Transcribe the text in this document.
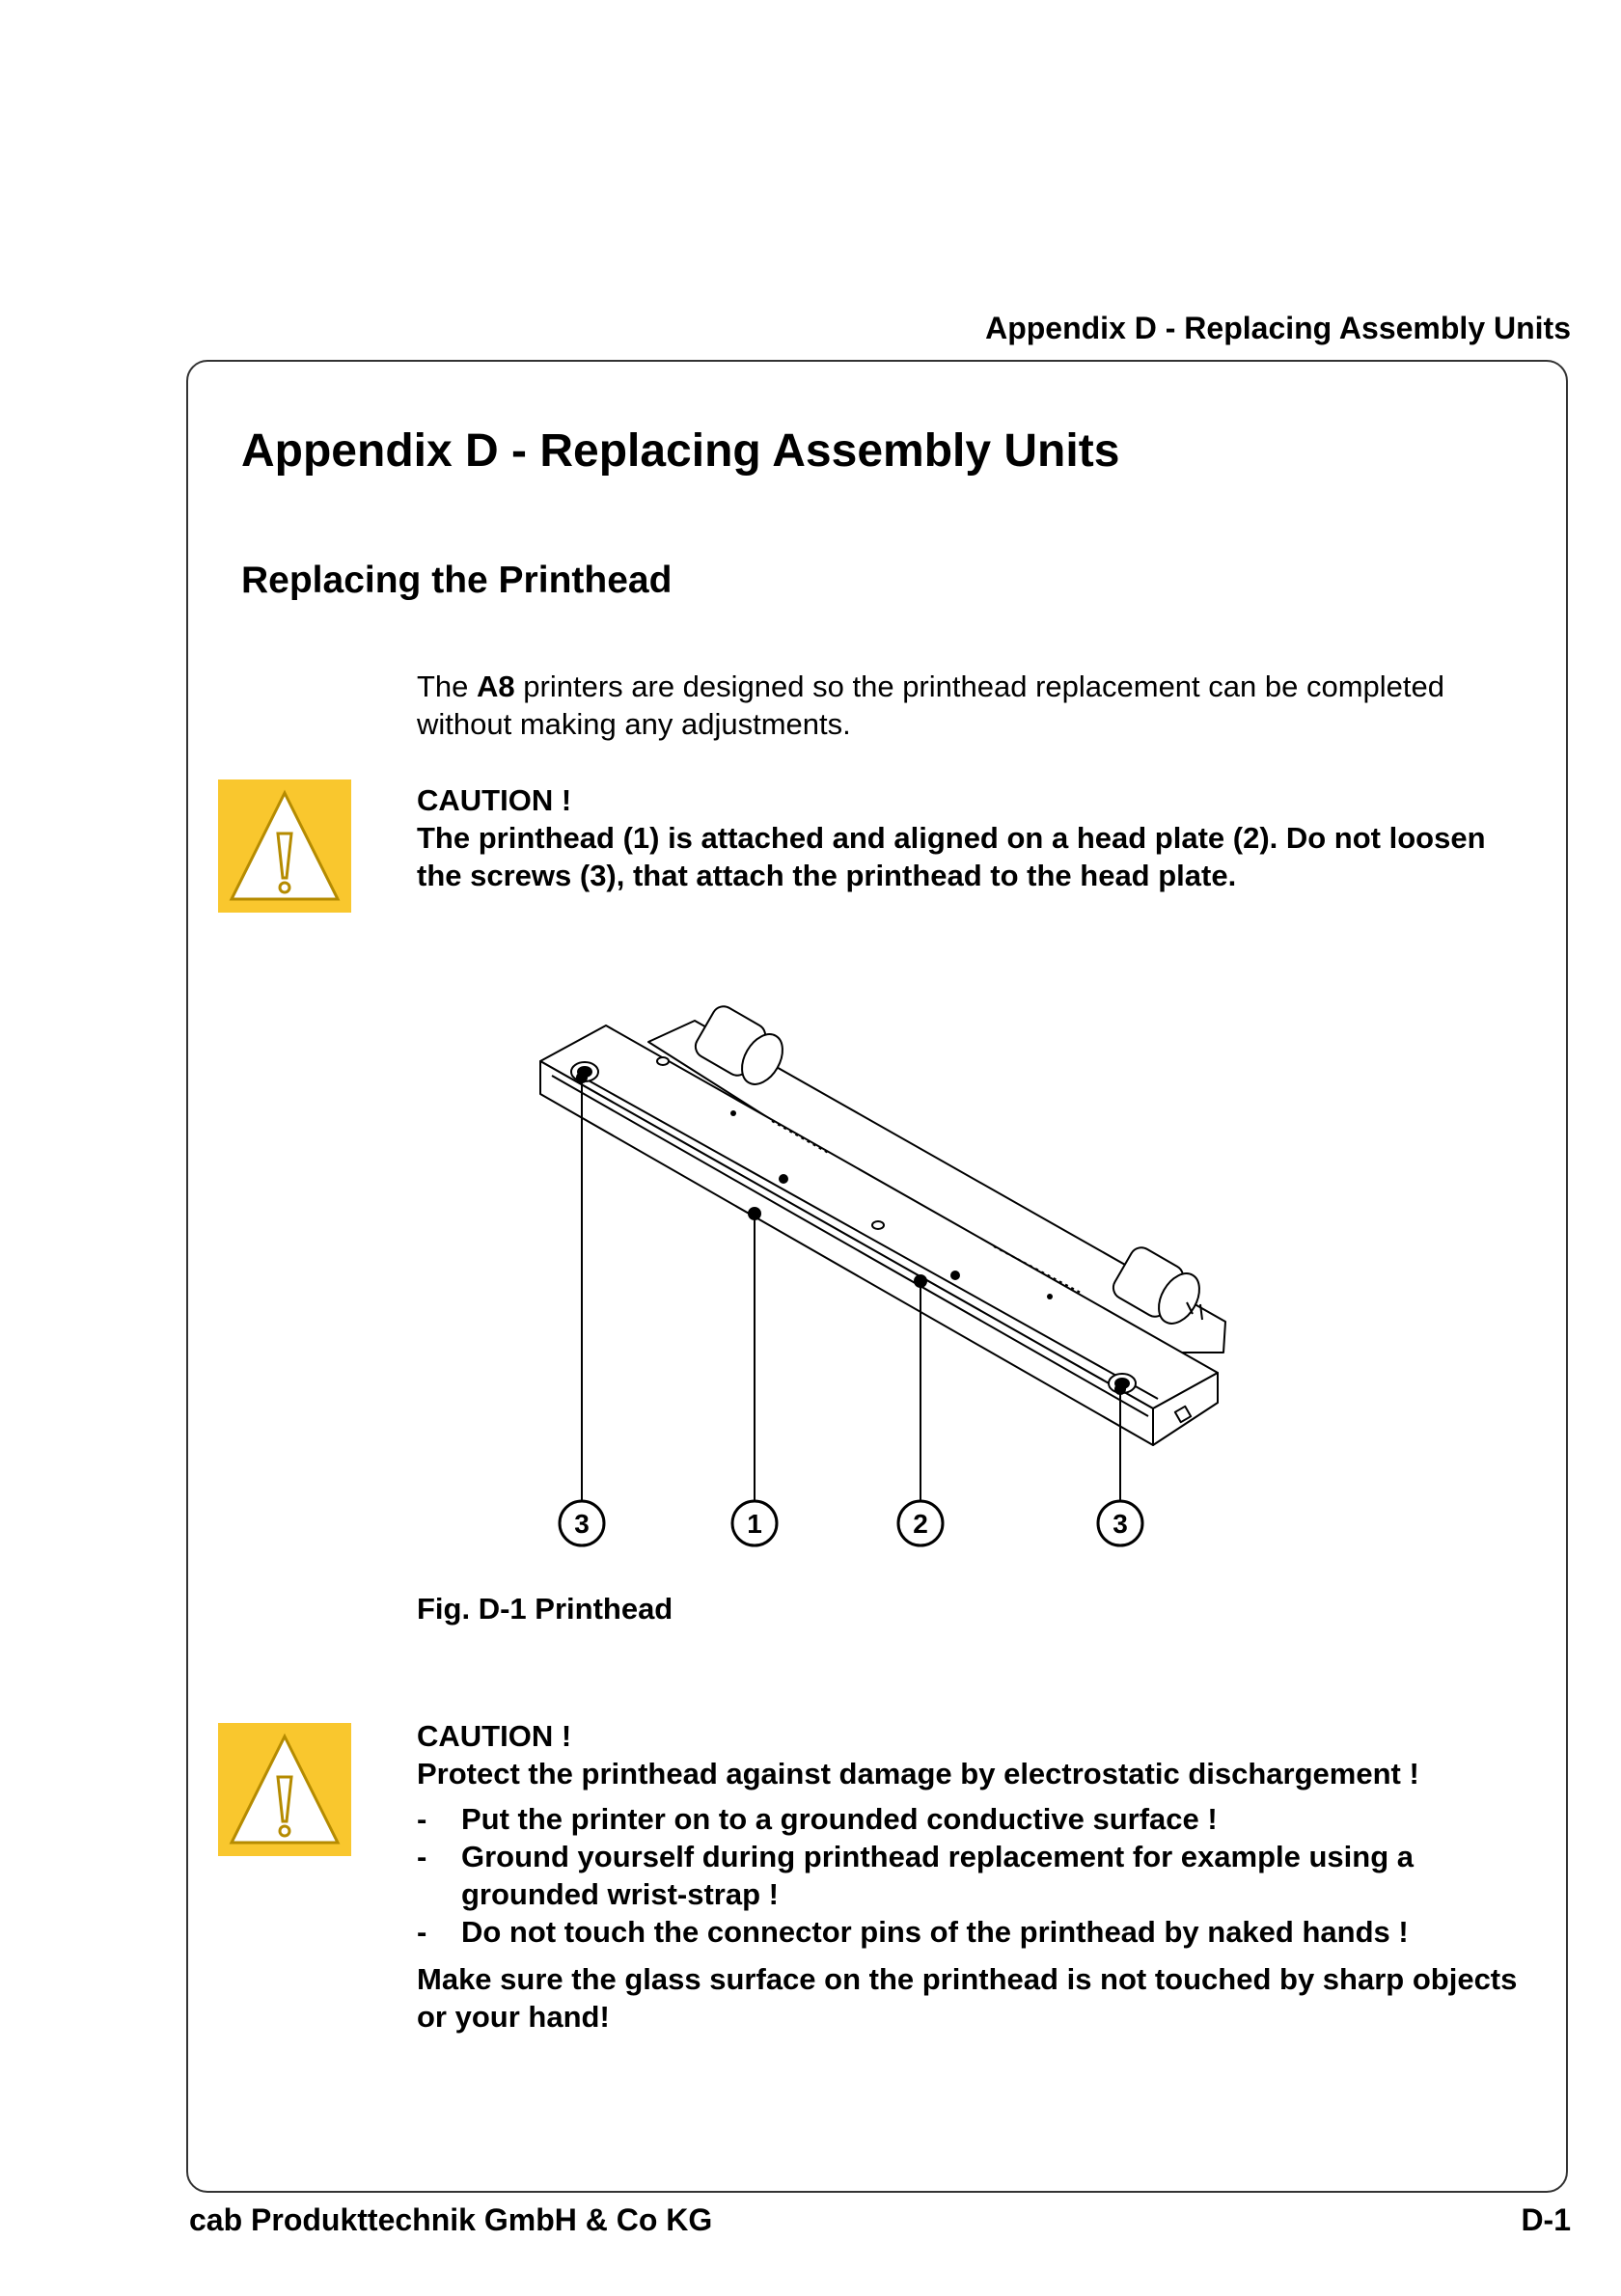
Appendix D - Replacing Assembly Units
Appendix D - Replacing Assembly Units
Replacing the Printhead
The A8 printers are designed so the printhead replacement can be completed without making any adjustments.

CAUTION !

The printhead (1) is attached and aligned on a head plate (2). Do not loosen the screws (3), that attach the printhead to the head plate.

3	1	2	3
Fig. D-1 Printhead

CAUTION !

Protect the printhead against damage by electrostatic dischargement !

- Put the printer on to a grounded conductive surface !
- Ground yourself during printhead replacement for example using a grounded wrist-strap !
- Do not touch the connector pins of the printhead by naked hands !

Make sure the glass surface on the printhead is not touched by sharp objects or your hand!

cab Produkttechnik GmbH & Co KG	D-1
